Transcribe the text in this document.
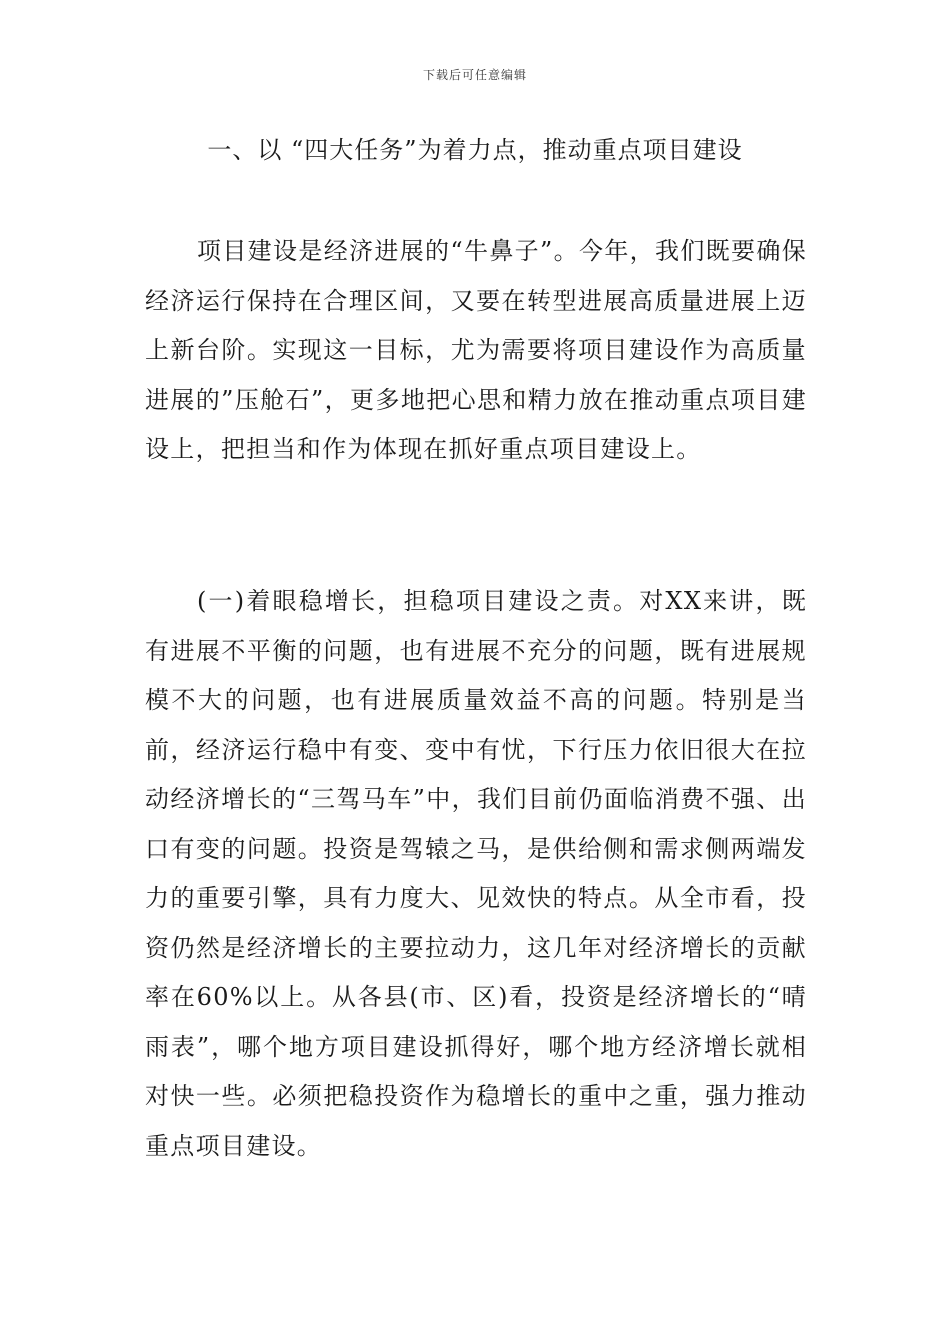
下载后可任意编辑
一、以 “四大任务”为着力点，推动重点项目建设

项目建设是经济进展的“牛鼻子”。今年，我们既要确保经济运行保持在合理区间，又要在转型进展高质量进展上迈上新台阶。实现这一目标，尤为需要将项目建设作为高质量进展的”压舱石”，更多地把心思和精力放在推动重点项目建设上，把担当和作为体现在抓好重点项目建设上。

(一)着眼稳增长，担稳项目建设之责。对XX来讲，既有进展不平衡的问题，也有进展不充分的问题，既有进展规模不大的问题，也有进展质量效益不高的问题。特别是当前，经济运行稳中有变、变中有忧，下行压力依旧很大在拉动经济增长的“三驾马车”中，我们目前仍面临消费不强、出口有变的问题。投资是驾辕之马，是供给侧和需求侧两端发力的重要引擎，具有力度大、见效快的特点。从全市看，投资仍然是经济增长的主要拉动力，这几年对经济增长的贡献率在60%以上。从各县(市、区)看，投资是经济增长的“晴雨表”，哪个地方项目建设抓得好，哪个地方经济增长就相对快一些。必须把稳投资作为稳增长的重中之重，强力推动重点项目建设。
